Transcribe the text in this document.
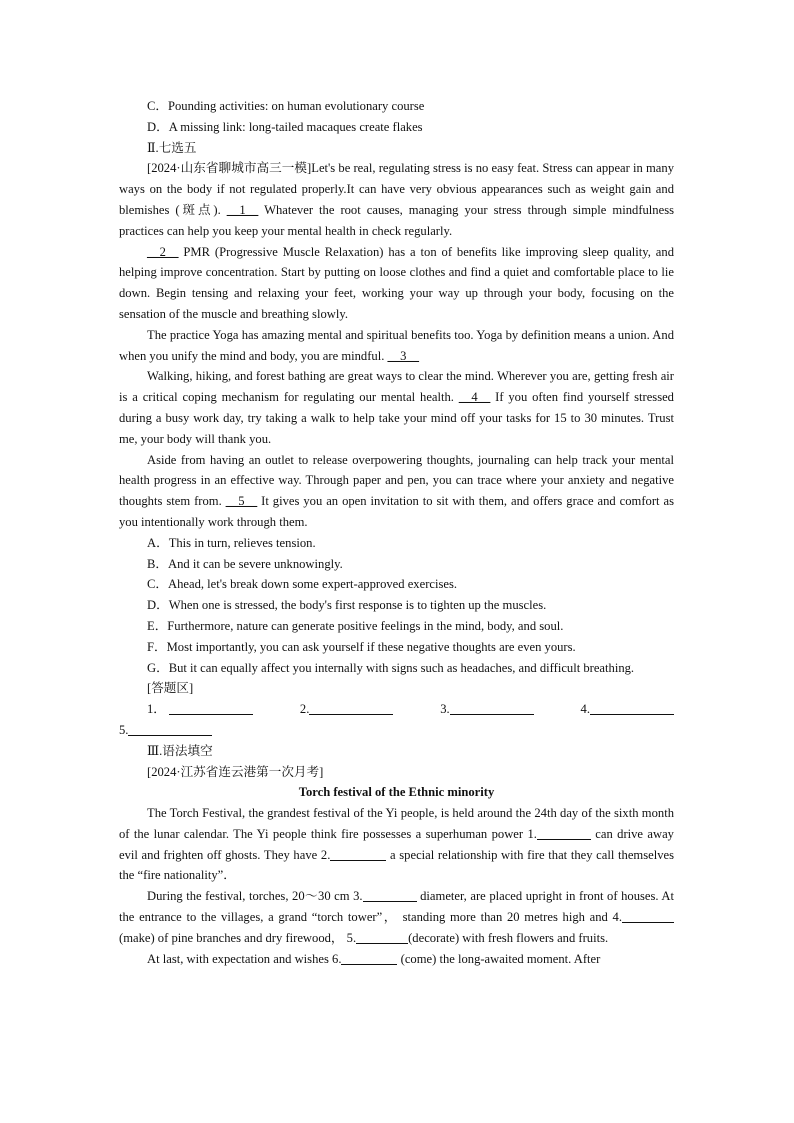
C．Pounding activities: on human evolutionary course

D．A missing link: long-tailed macaques create flakes

Ⅱ.七选五

[2024·山东省聊城市高三一模]Let's be real, regulating stress is no easy feat. Stress can appear in many ways on the body if not regulated properly.It can have very obvious appearances such as weight gain and blemishes (斑点). __1__ Whatever the root causes, managing your stress through simple mindfulness practices can help you keep your mental health in check regularly.

__2__ PMR (Progressive Muscle Relaxation) has a ton of benefits like improving sleep quality, and helping improve concentration. Start by putting on loose clothes and find a quiet and comfortable place to lie down. Begin tensing and relaxing your feet, working your way up through your body, focusing on the sensation of the muscle and breathing slowly.

The practice Yoga has amazing mental and spiritual benefits too. Yoga by definition means a union. And when you unify the mind and body, you are mindful. __3__

Walking, hiking, and forest bathing are great ways to clear the mind. Wherever you are, getting fresh air is a critical coping mechanism for regulating our mental health. __4__ If you often find yourself stressed during a busy work day, try taking a walk to help take your mind off your tasks for 15 to 30 minutes. Trust me, your body will thank you.

Aside from having an outlet to release overpowering thoughts, journaling can help track your mental health progress in an effective way. Through paper and pen, you can trace where your anxiety and negative thoughts stem from. __5__ It gives you an open invitation to sit with them, and offers grace and comfort as you intentionally work through them.

A．This in turn, relieves tension.

B．And it can be severe unknowingly.

C．Ahead, let's break down some expert-approved exercises.

D．When one is stressed, the body's first response is to tighten up the muscles.

E．Furthermore, nature can generate positive feelings in the mind, body, and soul.

F．Most importantly, you can ask yourself if these negative thoughts are even yours.

G．But it can equally affect you internally with signs such as headaches, and difficult breathing.

[答题区]

1．	2.	3.	4.

5.

Ⅲ.语法填空

[2024·江苏省连云港第一次月考]

Torch festival of the Ethnic minority

The Torch Festival, the grandest festival of the Yi people, is held around the 24th day of the sixth month of the lunar calendar. The Yi people think fire possesses a superhuman power 1.	can drive away evil and frighten off ghosts. They have 2.	a special relationship with fire that they call themselves the “fire nationality”．

During the festival, torches, 20～30 cm 3.	diameter, are placed upright in front of houses. At the entrance to the villages, a grand “torch tower”， standing more than 20 metres high and 4. (make) of pine branches and dry firewood， 5.	(decorate) with fresh flowers and fruits.

At last, with expectation and wishes 6.	(come) the long-awaited moment. After
